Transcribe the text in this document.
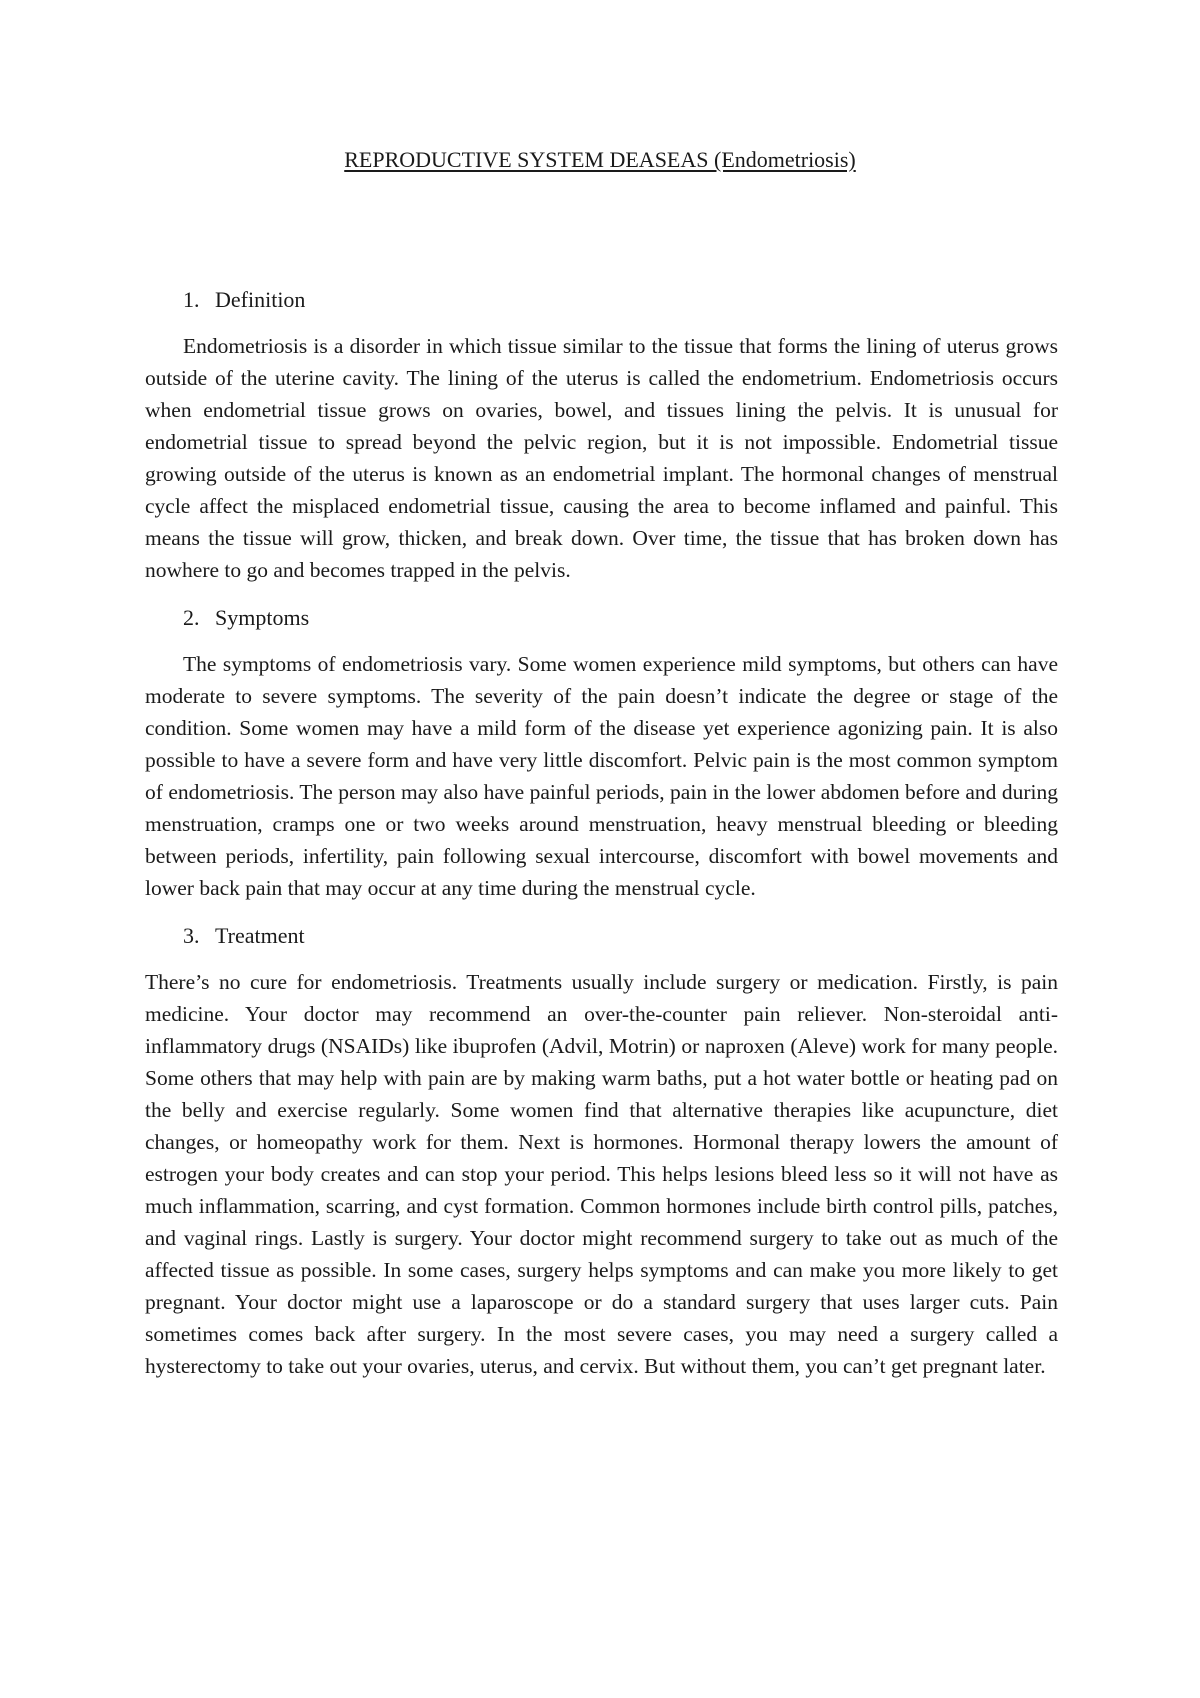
REPRODUCTIVE SYSTEM DEASEAS (Endometriosis)
1. Definition

Endometriosis is a disorder in which tissue similar to the tissue that forms the lining of uterus grows outside of the uterine cavity. The lining of the uterus is called the endometrium. Endometriosis occurs when endometrial tissue grows on ovaries, bowel, and tissues lining the pelvis. It is unusual for endometrial tissue to spread beyond the pelvic region, but it is not impossible. Endometrial tissue growing outside of the uterus is known as an endometrial implant. The hormonal changes of menstrual cycle affect the misplaced endometrial tissue, causing the area to become inflamed and painful. This means the tissue will grow, thicken, and break down. Over time, the tissue that has broken down has nowhere to go and becomes trapped in the pelvis.

2. Symptoms

The symptoms of endometriosis vary. Some women experience mild symptoms, but others can have moderate to severe symptoms. The severity of the pain doesn’t indicate the degree or stage of the condition. Some women may have a mild form of the disease yet experience agonizing pain. It is also possible to have a severe form and have very little discomfort. Pelvic pain is the most common symptom of endometriosis. The person may also have painful periods, pain in the lower abdomen before and during menstruation, cramps one or two weeks around menstruation, heavy menstrual bleeding or bleeding between periods, infertility, pain following sexual intercourse, discomfort with bowel movements and lower back pain that may occur at any time during the menstrual cycle.

3. Treatment

There’s no cure for endometriosis. Treatments usually include surgery or medication. Firstly, is pain medicine. Your doctor may recommend an over-the-counter pain reliever. Non-steroidal anti-inflammatory drugs (NSAIDs) like ibuprofen (Advil, Motrin) or naproxen (Aleve) work for many people. Some others that may help with pain are by making warm baths, put a hot water bottle or heating pad on the belly and exercise regularly. Some women find that alternative therapies like acupuncture, diet changes, or homeopathy work for them. Next is hormones. Hormonal therapy lowers the amount of estrogen your body creates and can stop your period. This helps lesions bleed less so it will not have as much inflammation, scarring, and cyst formation. Common hormones include birth control pills, patches, and vaginal rings. Lastly is surgery. Your doctor might recommend surgery to take out as much of the affected tissue as possible. In some cases, surgery helps symptoms and can make you more likely to get pregnant. Your doctor might use a laparoscope or do a standard surgery that uses larger cuts. Pain sometimes comes back after surgery. In the most severe cases, you may need a surgery called a hysterectomy to take out your ovaries, uterus, and cervix. But without them, you can’t get pregnant later.
